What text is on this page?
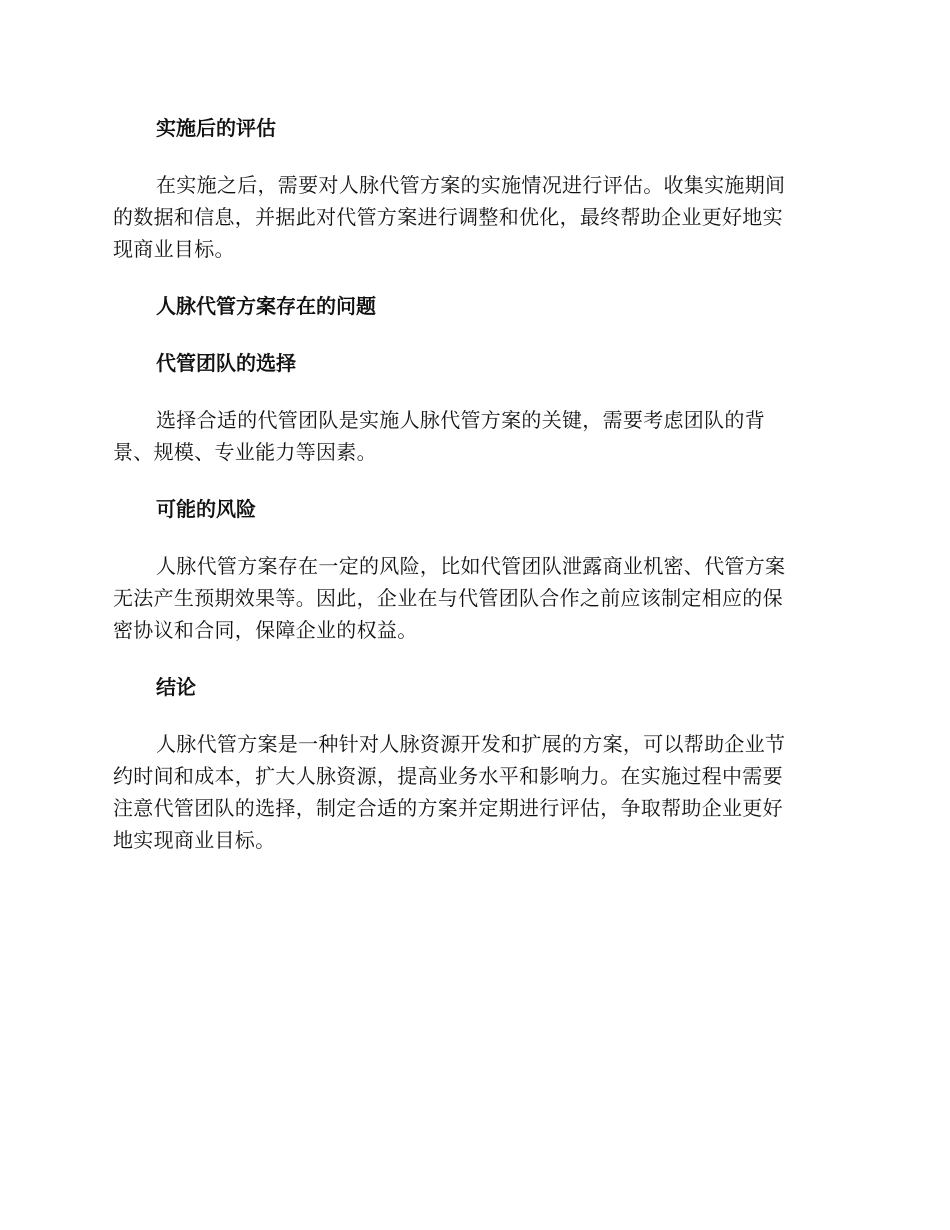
实施后的评估
在实施之后，需要对人脉代管方案的实施情况进行评估。收集实施期间
的数据和信息，并据此对代管方案进行调整和优化，最终帮助企业更好地实
现商业目标。
人脉代管方案存在的问题
代管团队的选择
选择合适的代管团队是实施人脉代管方案的关键，需要考虑团队的背
景、规模、专业能力等因素。
可能的风险
人脉代管方案存在一定的风险，比如代管团队泄露商业机密、代管方案
无法产生预期效果等。因此，企业在与代管团队合作之前应该制定相应的保
密协议和合同，保障企业的权益。
结论
人脉代管方案是一种针对人脉资源开发和扩展的方案，可以帮助企业节
约时间和成本，扩大人脉资源，提高业务水平和影响力。在实施过程中需要
注意代管团队的选择，制定合适的方案并定期进行评估，争取帮助企业更好
地实现商业目标。
